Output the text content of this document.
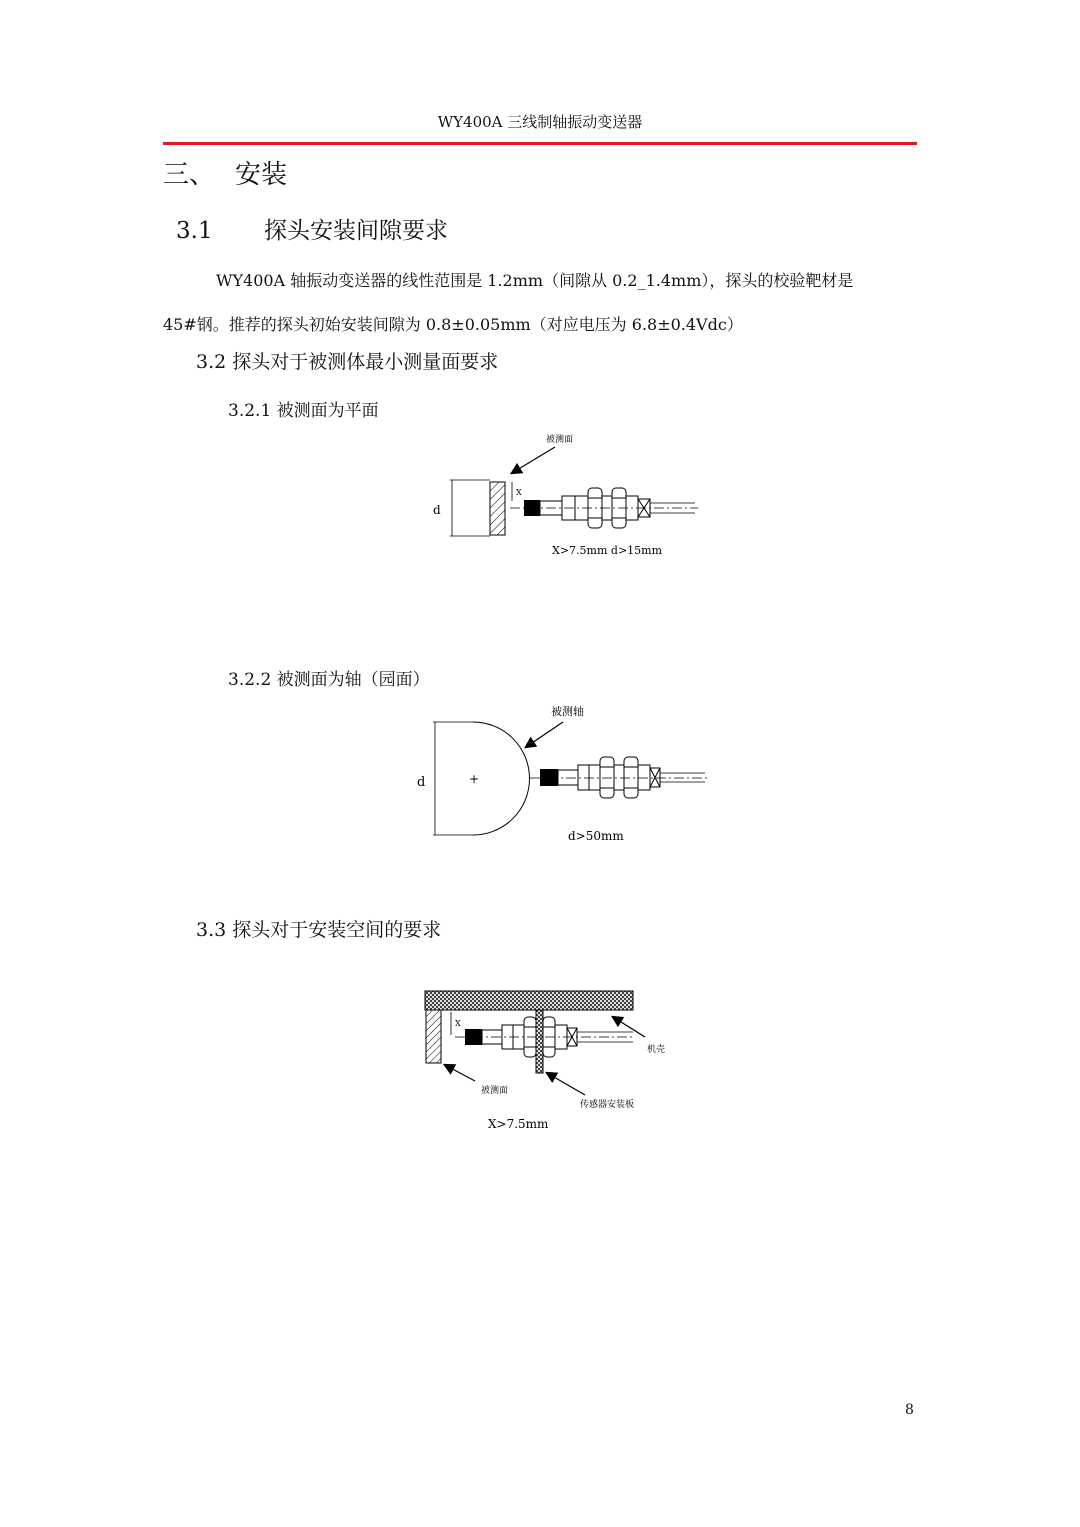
WY400A 三线制轴振动变送器
三、 安装
3.1 探头安装间隙要求
WY400A 轴振动变送器的线性范围是 1.2mm（间隙从 0.2_1.4mm），探头的校验靶材是
45#钢。推荐的探头初始安装间隙为 0.8±0.05mm（对应电压为 6.8±0.4Vdc）
3.2 探头对于被测体最小测量面要求
3.2.1 被测面为平面
被测面
d
X
X>7.5mm d>15mm
3.2.2 被测面为轴（园面）
被测轴
d	+
d>50mm
3.3 探头对于安装空间的要求
X
机壳
被测面
传感器安装板
X>7.5mm
8
